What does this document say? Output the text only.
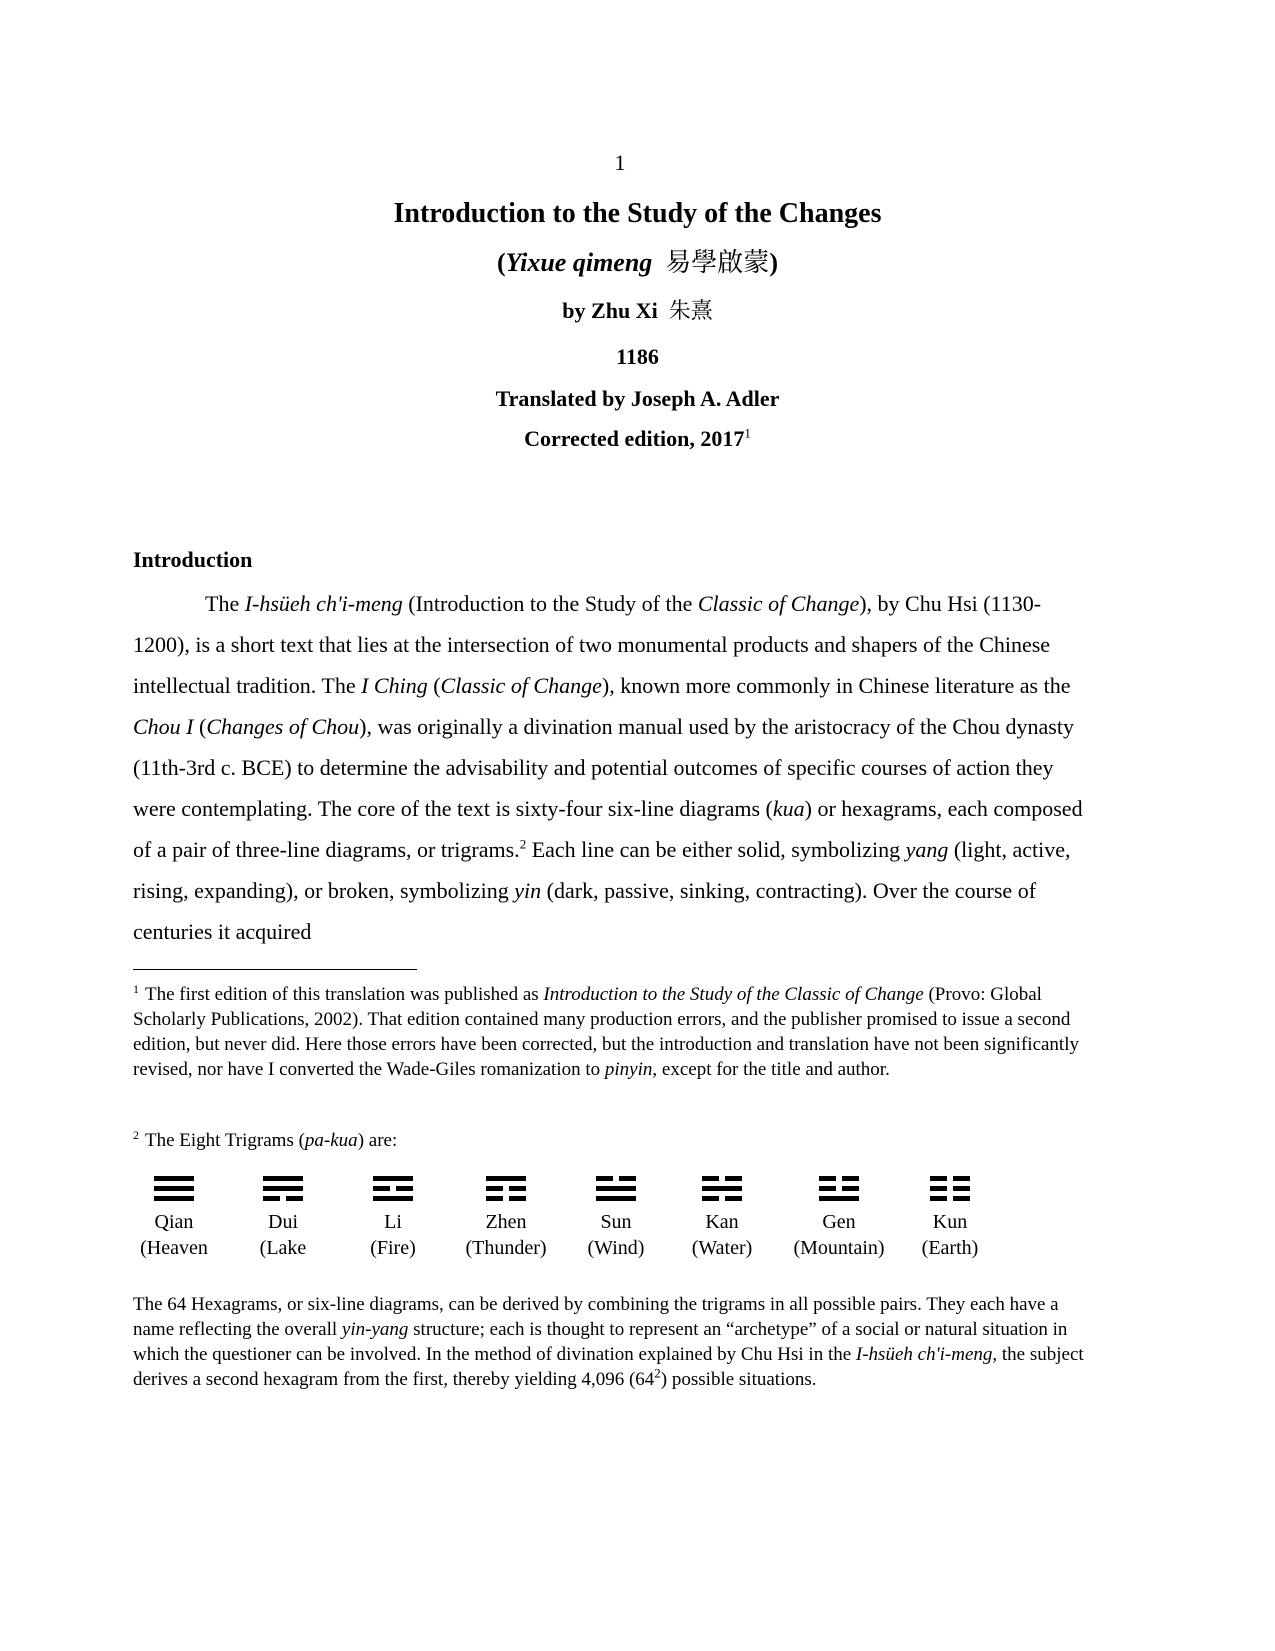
1

Introduction to the Study of the Changes

(Yixue qimeng 易學啟蒙)

by Zhu Xi 朱熹

1186

Translated by Joseph A. Adler

Corrected edition, 2017$^1$

Introduction

The I-hsüeh ch'i-meng (Introduction to the Study of the Classic of Change), by Chu Hsi (1130-1200), is a short text that lies at the intersection of two monumental products and shapers of the Chinese intellectual tradition. The I Ching (Classic of Change), known more commonly in Chinese literature as the Chou I (Changes of Chou), was originally a divination manual used by the aristocracy of the Chou dynasty (11th-3rd c. BCE) to determine the advisability and potential outcomes of specific courses of action they were contemplating. The core of the text is sixty-four six-line diagrams (kua) or hexagrams, each composed of a pair of three-line diagrams, or trigrams.$^2$ Each line can be either solid, symbolizing yang (light, active, rising, expanding), or broken, symbolizing yin (dark, passive, sinking, contracting). Over the course of centuries it acquired

$^1$ The first edition of this translation was published as Introduction to the Study of the Classic of Change (Provo: Global Scholarly Publications, 2002). That edition contained many production errors, and the publisher promised to issue a second edition, but never did. Here those errors have been corrected, but the introduction and translation have not been significantly revised, nor have I converted the Wade-Giles romanization to pinyin, except for the title and author.

$^2$ The Eight Trigrams (pa-kua) are:

Qian

(Heaven

Dui

(Lake

Li

(Fire)

Zhen

(Thunder)

Sun

(Wind)

Kan

(Water)

Gen

(Mountain)

Kun

(Earth)

The 64 Hexagrams, or six-line diagrams, can be derived by combining the trigrams in all possible pairs. They each have a name reflecting the overall yin-yang structure; each is thought to represent an “archetype” of a social or natural situation in which the questioner can be involved. In the method of divination explained by Chu Hsi in the I-hsüeh ch'i-meng, the subject derives a second hexagram from the first, thereby yielding 4,096 $(64^2)$ possible situations.
